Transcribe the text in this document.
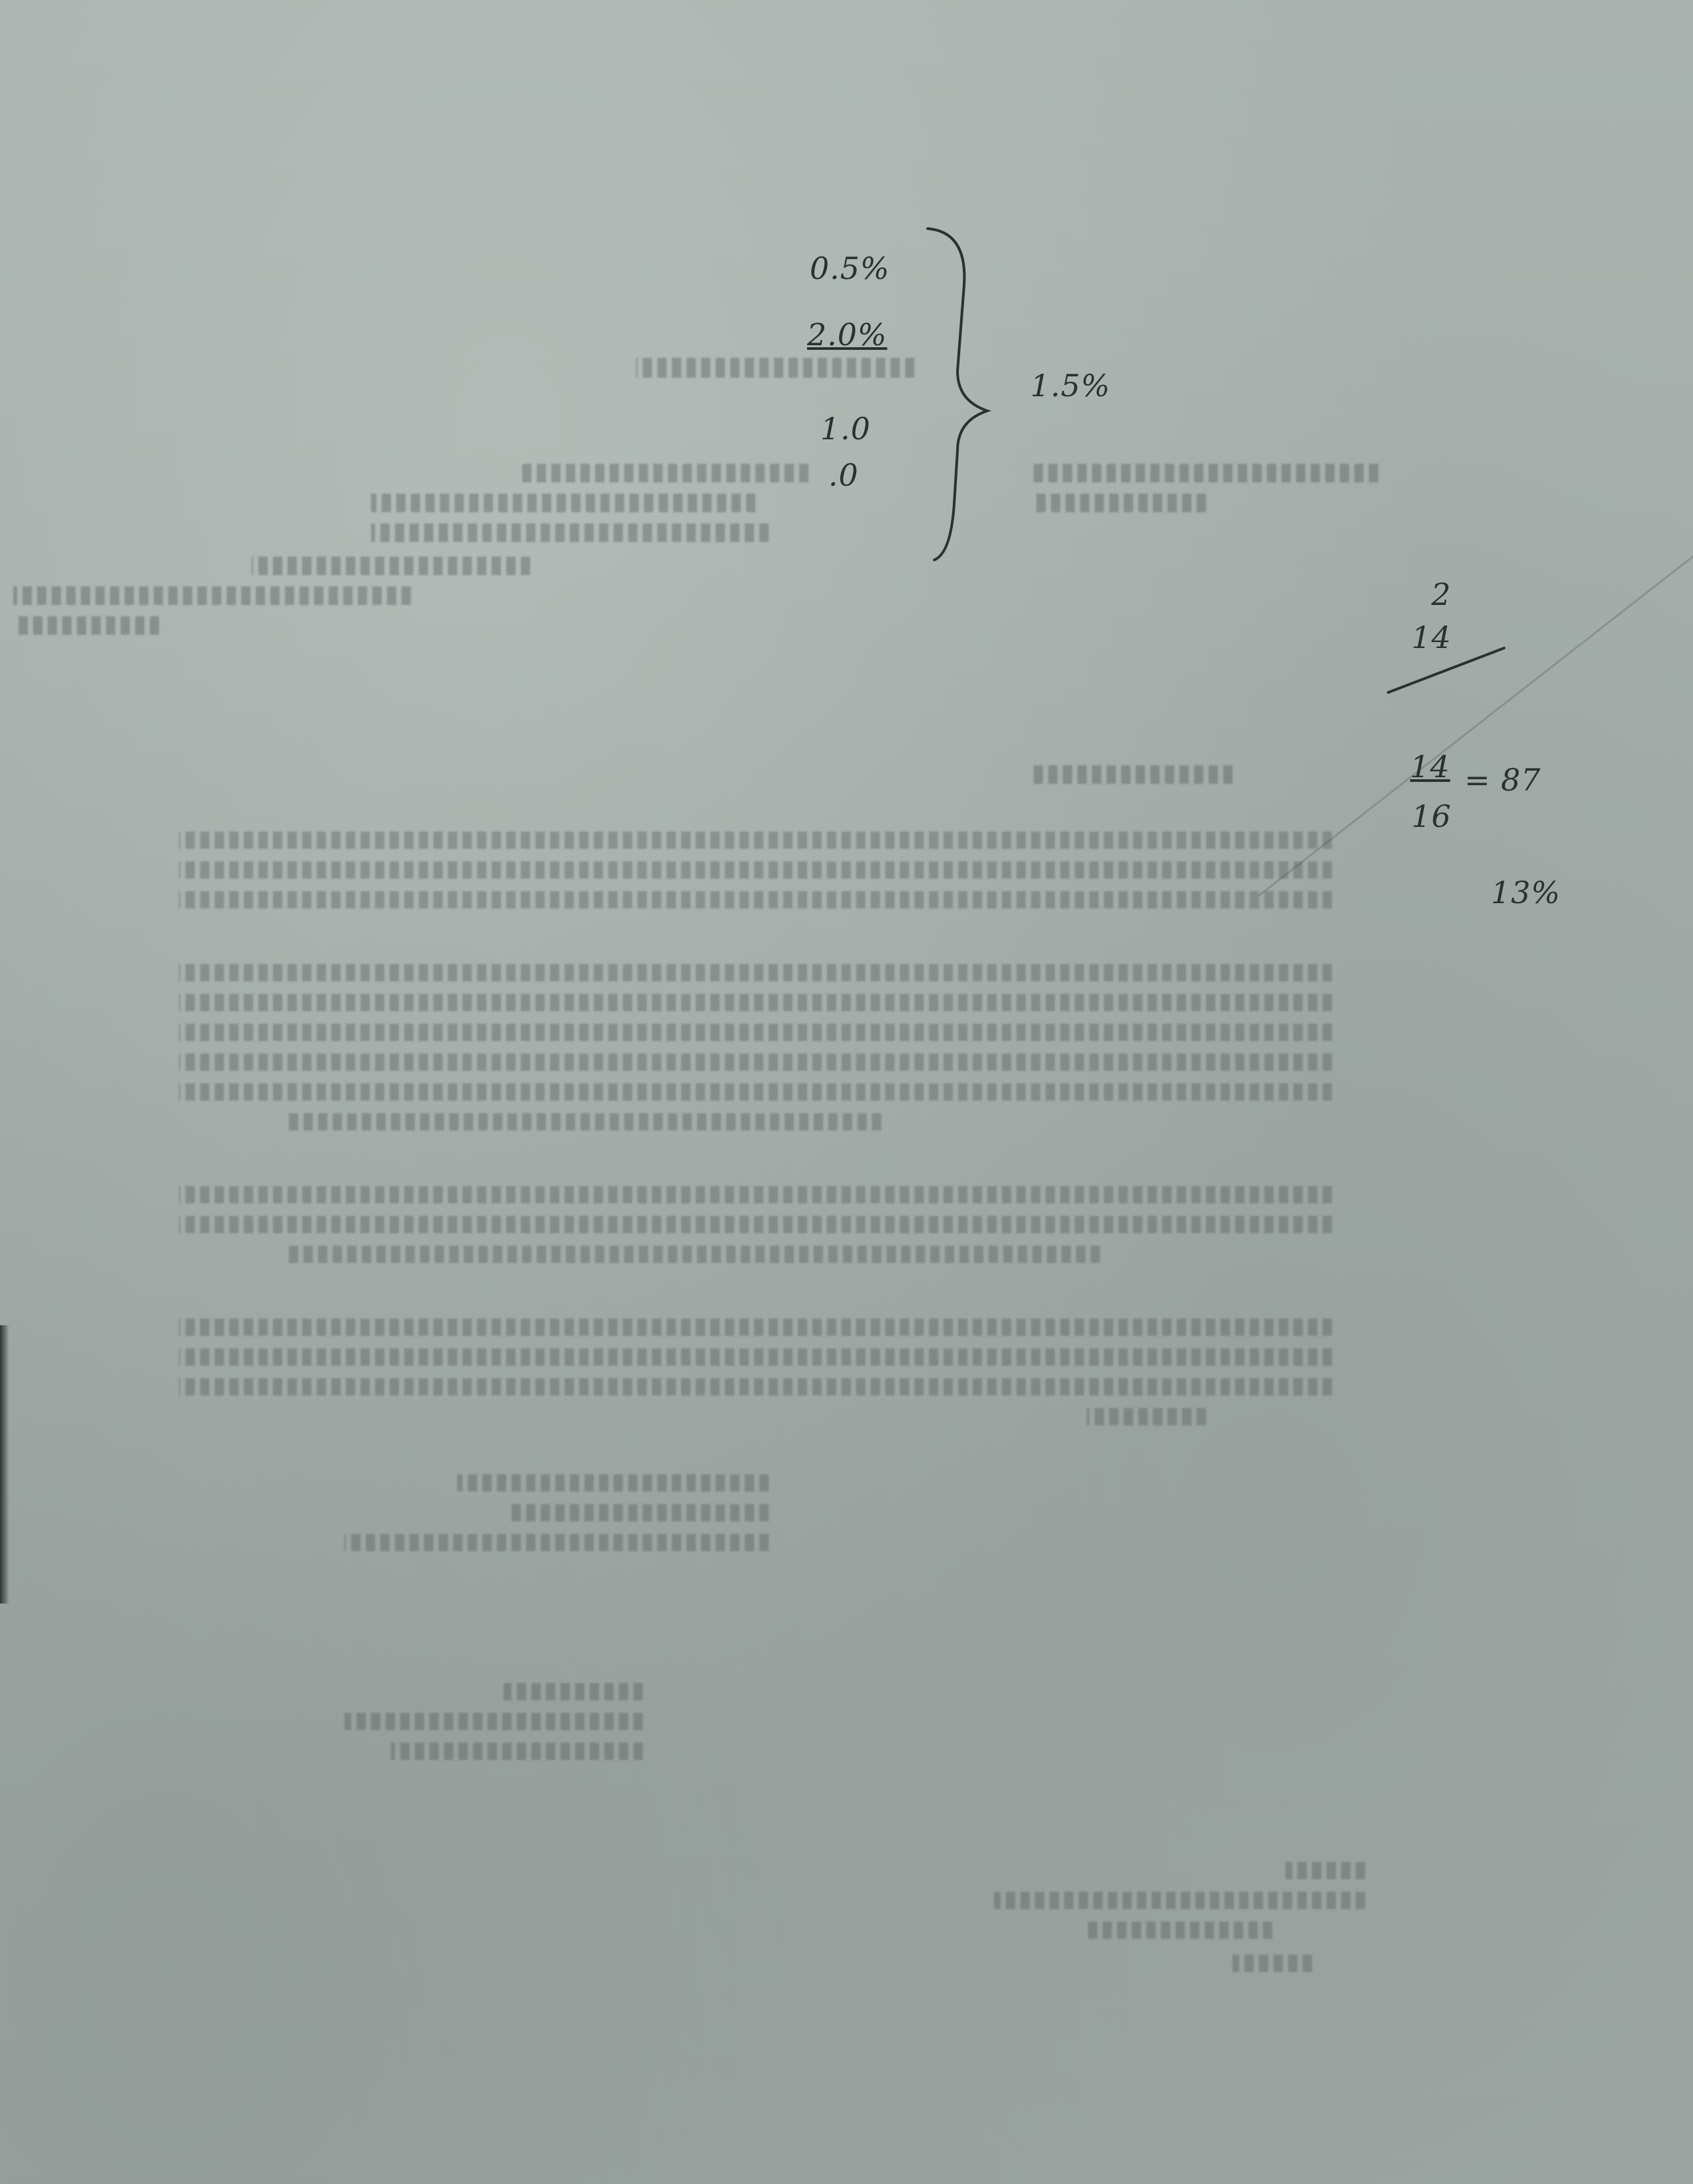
0.5%
2.0%
1.0
.0
1.5%
2
14
14
16
= 87
13%
